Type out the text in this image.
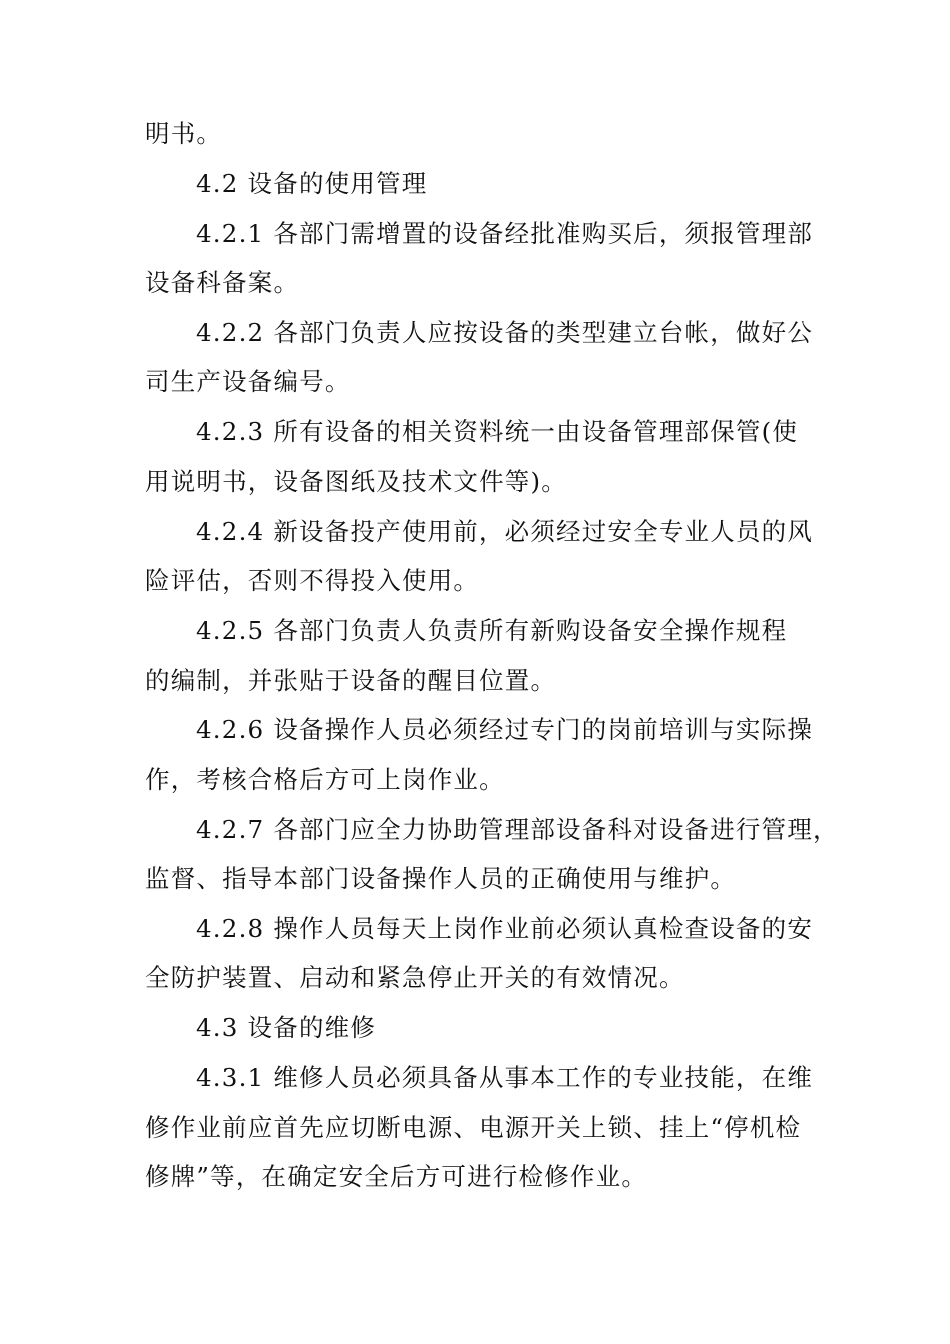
明书。
4.2 设备的使用管理
4.2.1 各部门需增置的设备经批准购买后，须报管理部
设备科备案。
4.2.2 各部门负责人应按设备的类型建立台帐，做好公
司生产设备编号。
4.2.3 所有设备的相关资料统一由设备管理部保管(使
用说明书，设备图纸及技术文件等)。
4.2.4 新设备投产使用前，必须经过安全专业人员的风
险评估，否则不得投入使用。
4.2.5 各部门负责人负责所有新购设备安全操作规程
的编制，并张贴于设备的醒目位置。
4.2.6 设备操作人员必须经过专门的岗前培训与实际操
作，考核合格后方可上岗作业。
4.2.7 各部门应全力协助管理部设备科对设备进行管理，
监督、指导本部门设备操作人员的正确使用与维护。
4.2.8 操作人员每天上岗作业前必须认真检查设备的安
全防护装置、启动和紧急停止开关的有效情况。
4.3 设备的维修
4.3.1 维修人员必须具备从事本工作的专业技能，在维
修作业前应首先应切断电源、电源开关上锁、挂上“停机检
修牌”等，在确定安全后方可进行检修作业。
